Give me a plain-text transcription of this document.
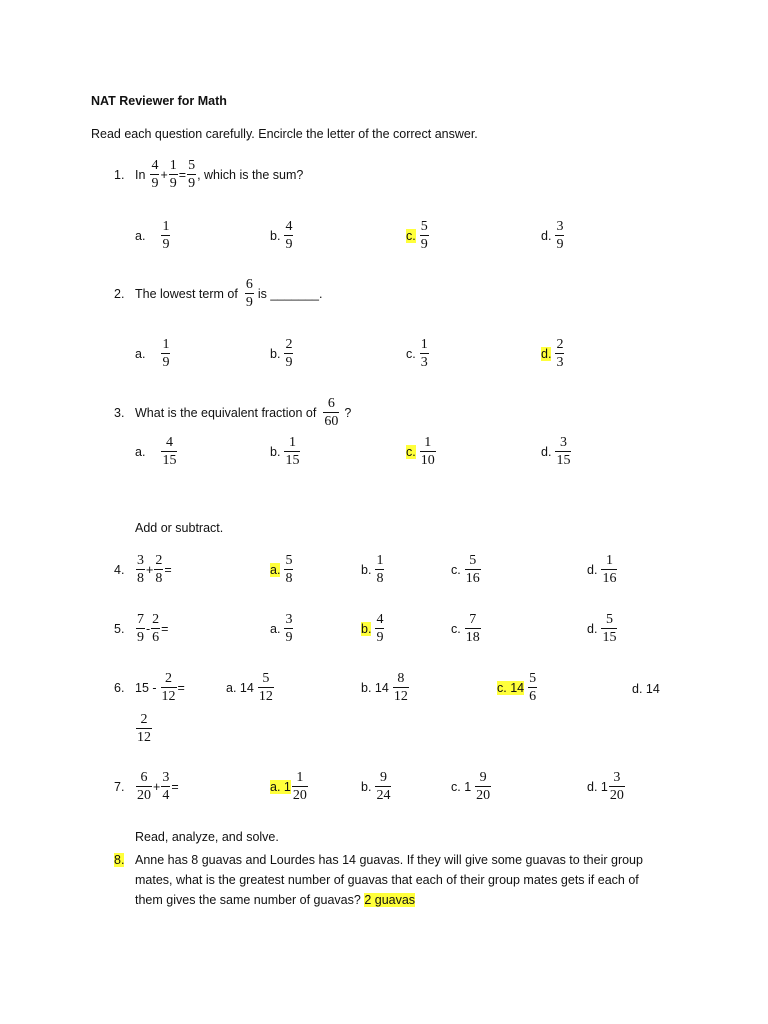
NAT Reviewer for Math
Read each question carefully. Encircle the letter of the correct answer.
1. In $\frac{4}{9} + \frac{1}{9} = \frac{5}{9}$ , which is the sum?
a. $\frac{1}{9}$	b. $\frac{4}{9}$	c. $\frac{5}{9}$	d. $\frac{3}{9}$
2. The lowest term of $\frac{6}{9}$ is _______.
a. $\frac{1}{9}$	b. $\frac{2}{9}$	c. $\frac{1}{3}$	d. $\frac{2}{3}$
3. What is the equivalent fraction of $\frac{6}{60}$ ?
a. $\frac{4}{15}$	b. $\frac{1}{15}$	c. $\frac{1}{10}$	d. $\frac{3}{15}$
Add or subtract.
4. $\frac{3}{8} + \frac{2}{8}$ =	a. $\frac{5}{8}$	b. $\frac{1}{8}$	c. $\frac{5}{16}$	d. $\frac{1}{16}$
5. $\frac{7}{9} - \frac{2}{6}$ =	a. $\frac{3}{9}$	b. $\frac{4}{9}$	c. $\frac{7}{18}$	d. $\frac{5}{15}$
6. $15 - \frac{2}{12}$ =	a. $14 \frac{5}{12}$	b. $14 \frac{8}{12}$	c. $14 \frac{5}{6}$	d. 14
$\frac{2}{12}$
7. $\frac{6}{20} + \frac{3}{4}$ =	a. $1 \frac{1}{20}$	b. $\frac{9}{24}$	c. $1 \frac{9}{20}$	d. $1 \frac{3}{20}$
Read, analyze, and solve.
8. Anne has 8 guavas and Lourdes has 14 guavas. If they will give some guavas to their group mates, what is the greatest number of guavas that each of their group mates gets if each of them gives the same number of guavas? 2 guavas
